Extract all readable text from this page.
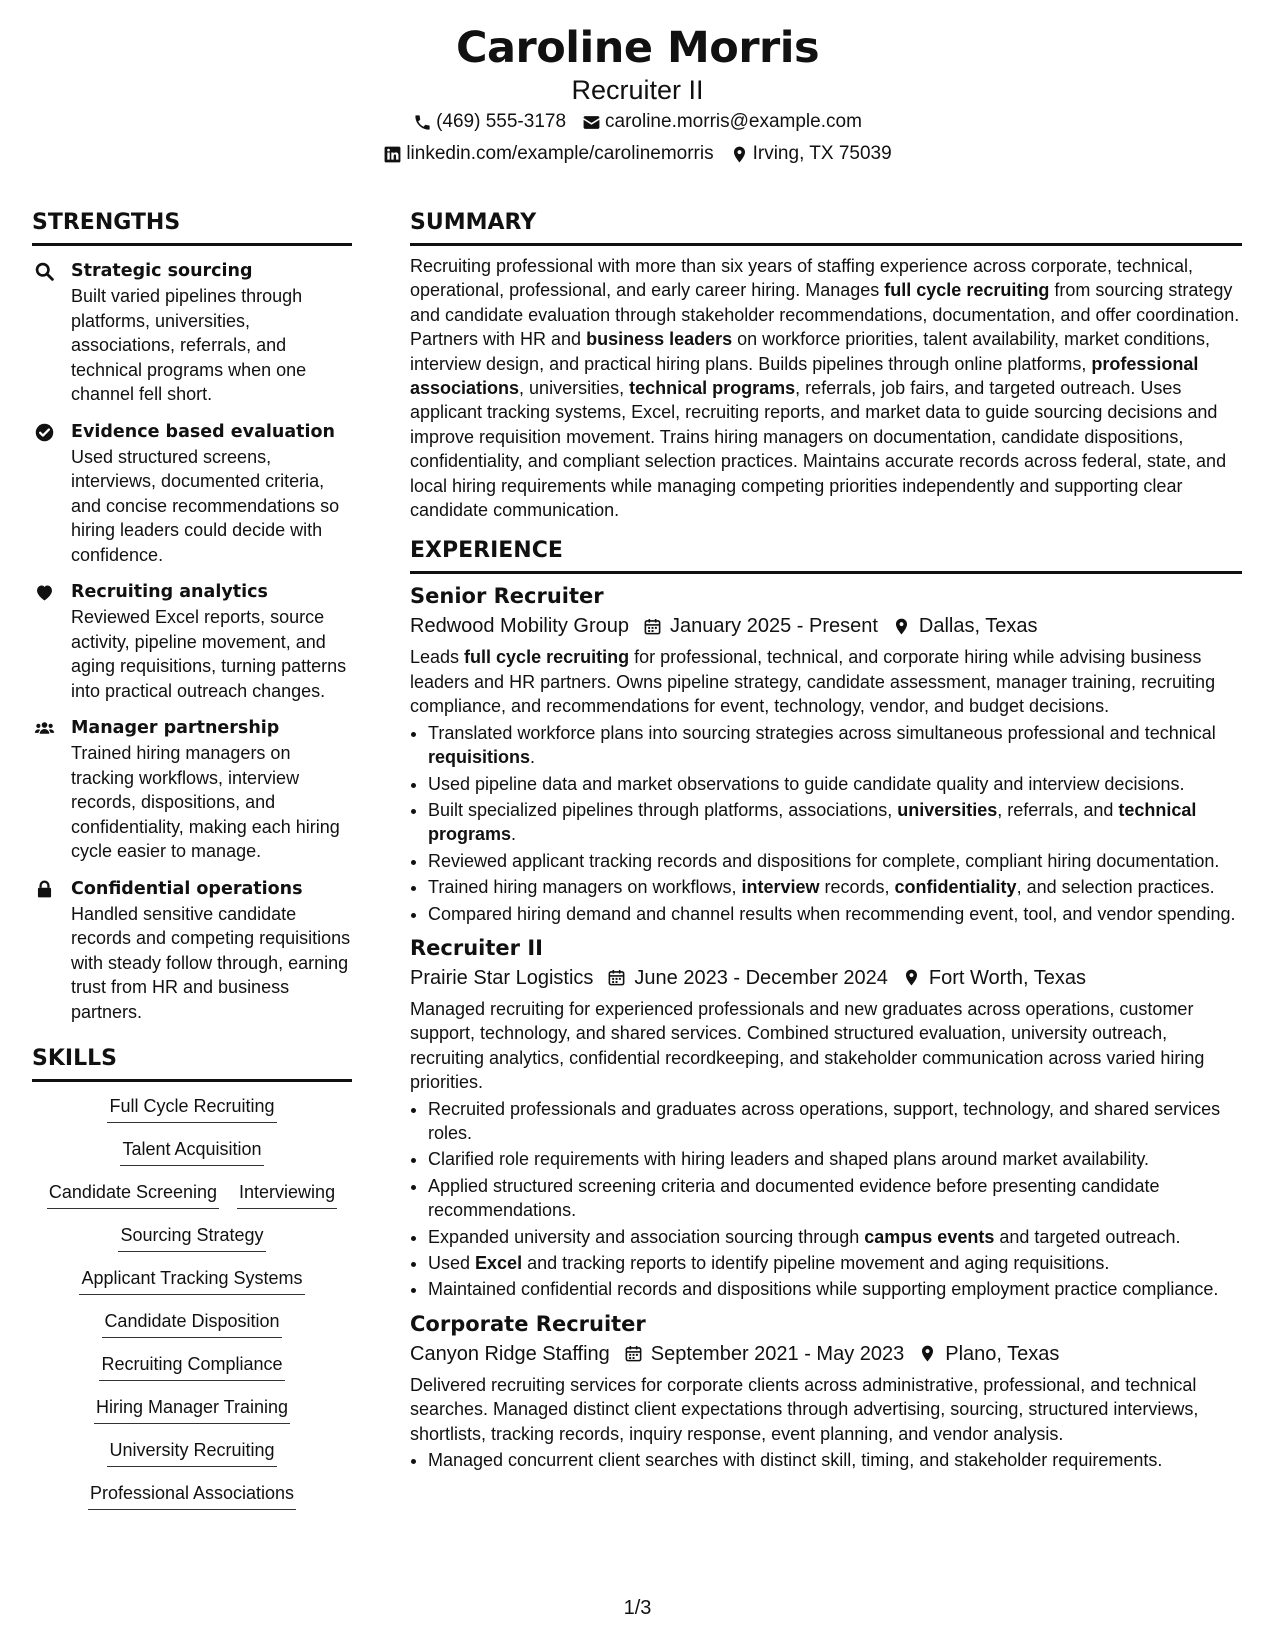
Caroline Morris
Recruiter II
(469) 555-3178 caroline.morris@example.com
linkedin.com/example/carolinemorris Irving, TX 75039
STRENGTHS
Strategic sourcing
Built varied pipelines through platforms, universities, associations, referrals, and technical programs when one channel fell short.
Evidence based evaluation
Used structured screens, interviews, documented criteria, and concise recommendations so hiring leaders could decide with confidence.
Recruiting analytics
Reviewed Excel reports, source activity, pipeline movement, and aging requisitions, turning patterns into practical outreach changes.
Manager partnership
Trained hiring managers on tracking workflows, interview records, dispositions, and confidentiality, making each hiring cycle easier to manage.
Confidential operations
Handled sensitive candidate records and competing requisitions with steady follow through, earning trust from HR and business partners.
SKILLS
Full Cycle Recruiting
Talent Acquisition
Candidate Screening Interviewing
Sourcing Strategy
Applicant Tracking Systems
Candidate Disposition
Recruiting Compliance
Hiring Manager Training
University Recruiting
Professional Associations
SUMMARY
Recruiting professional with more than six years of staffing experience across corporate, technical, operational, professional, and early career hiring. Manages full cycle recruiting from sourcing strategy and candidate evaluation through stakeholder recommendations, documentation, and offer coordination. Partners with HR and business leaders on workforce priorities, talent availability, market conditions, interview design, and practical hiring plans. Builds pipelines through online platforms, professional associations, universities, technical programs, referrals, job fairs, and targeted outreach. Uses applicant tracking systems, Excel, recruiting reports, and market data to guide sourcing decisions and improve requisition movement. Trains hiring managers on documentation, candidate dispositions, confidentiality, and compliant selection practices. Maintains accurate records across federal, state, and local hiring requirements while managing competing priorities independently and supporting clear candidate communication.
EXPERIENCE
Senior Recruiter
Redwood Mobility Group January 2025 - Present Dallas, Texas
Leads full cycle recruiting for professional, technical, and corporate hiring while advising business leaders and HR partners. Owns pipeline strategy, candidate assessment, manager training, recruiting compliance, and recommendations for event, technology, vendor, and budget decisions.
• Translated workforce plans into sourcing strategies across simultaneous professional and technical requisitions.
• Used pipeline data and market observations to guide candidate quality and interview decisions.
• Built specialized pipelines through platforms, associations, universities, referrals, and technical programs.
• Reviewed applicant tracking records and dispositions for complete, compliant hiring documentation.
• Trained hiring managers on workflows, interview records, confidentiality, and selection practices.
• Compared hiring demand and channel results when recommending event, tool, and vendor spending.
Recruiter II
Prairie Star Logistics June 2023 - December 2024 Fort Worth, Texas
Managed recruiting for experienced professionals and new graduates across operations, customer support, technology, and shared services. Combined structured evaluation, university outreach, recruiting analytics, confidential recordkeeping, and stakeholder communication across varied hiring priorities.
• Recruited professionals and graduates across operations, support, technology, and shared services roles.
• Clarified role requirements with hiring leaders and shaped plans around market availability.
• Applied structured screening criteria and documented evidence before presenting candidate recommendations.
• Expanded university and association sourcing through campus events and targeted outreach.
• Used Excel and tracking reports to identify pipeline movement and aging requisitions.
• Maintained confidential records and dispositions while supporting employment practice compliance.
Corporate Recruiter
Canyon Ridge Staffing September 2021 - May 2023 Plano, Texas
Delivered recruiting services for corporate clients across administrative, professional, and technical searches. Managed distinct client expectations through advertising, sourcing, structured interviews, shortlists, tracking records, inquiry response, event planning, and vendor analysis.
• Managed concurrent client searches with distinct skill, timing, and stakeholder requirements.
1/3
